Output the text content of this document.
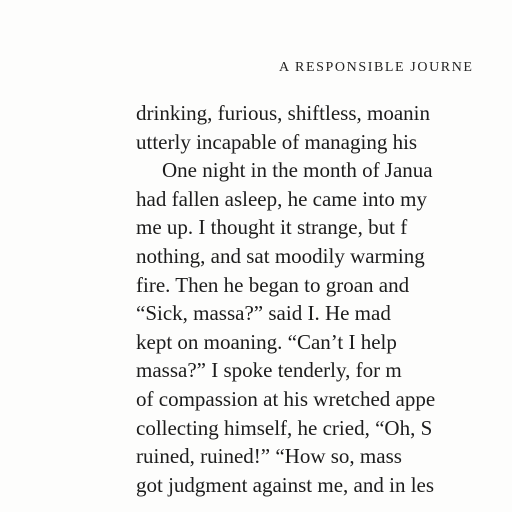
A RESPONSIBLE JOURNE
drinking, furious, shiftless, moanin
utterly incapable of managing his
One night in the month of Janua
had fallen asleep, he came into my
me up. I thought it strange, but f
nothing, and sat moodily warming
fire. Then he began to groan and
“Sick, massa?” said I. He mad
kept on moaning. “Can’t I help
massa?” I spoke tenderly, for m
of compassion at his wretched appe
collecting himself, he cried, “Oh, S
ruined, ruined!” “How so, mass
got judgment against me, and in les
